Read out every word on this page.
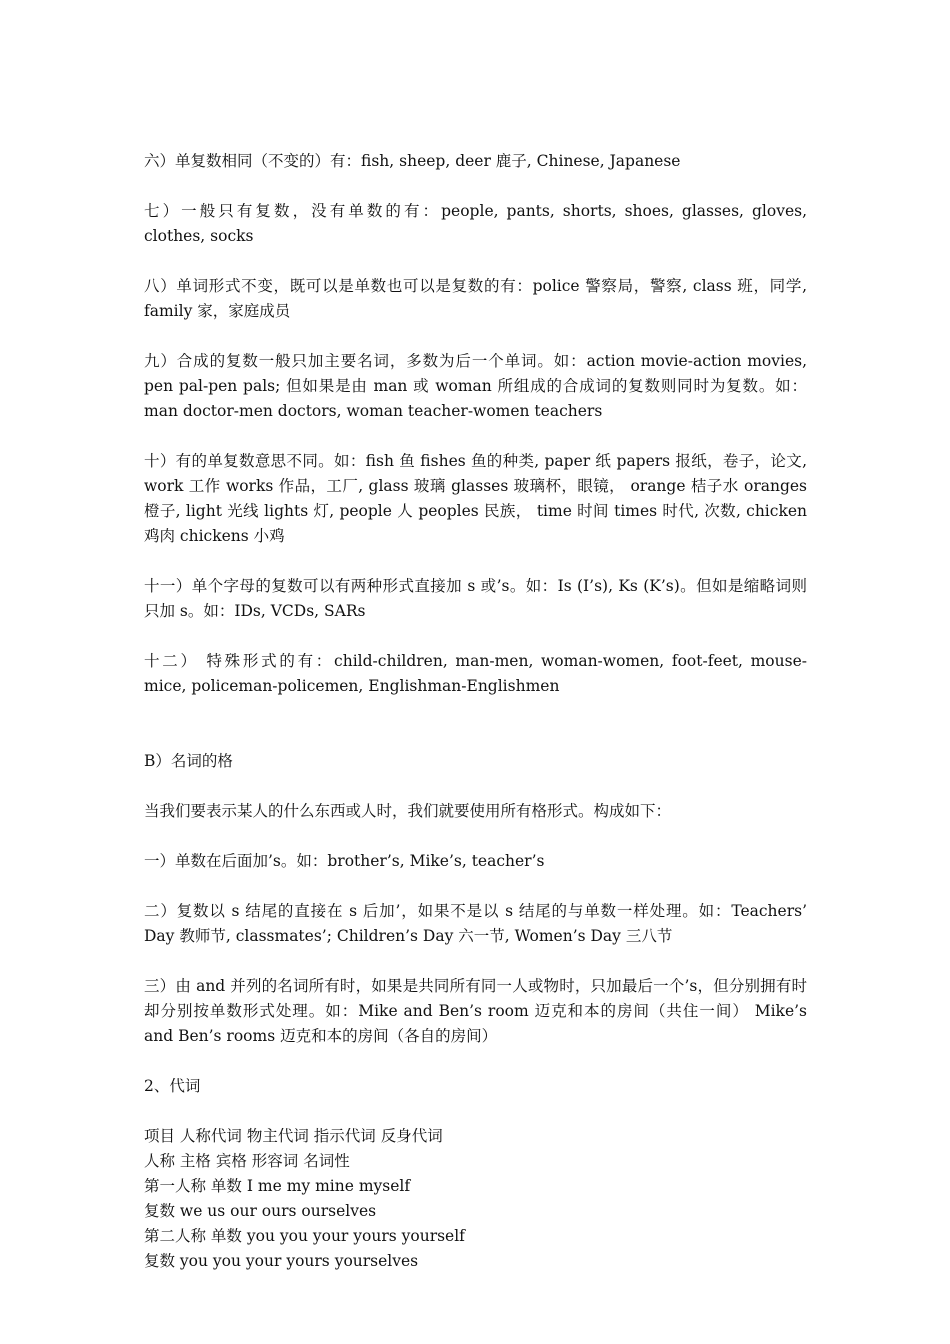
六）单复数相同（不变的）有：fish, sheep, deer 鹿子, Chinese, Japanese

七）一般只有复数，没有单数的有：people, pants, shorts, shoes, glasses, gloves, clothes, socks

八）单词形式不变，既可以是单数也可以是复数的有：police 警察局，警察, class 班，同学, family 家，家庭成员

九）合成的复数一般只加主要名词，多数为后一个单词。如：action movie-action movies, pen pal-pen pals; 但如果是由 man 或 woman 所组成的合成词的复数则同时为复数。如： man doctor-men doctors, woman teacher-women teachers

十）有的单复数意思不同。如：fish 鱼 fishes 鱼的种类, paper 纸 papers 报纸，卷子，论文, work 工作 works 作品，工厂, glass 玻璃 glasses 玻璃杯，眼镜， orange 桔子水 oranges 橙子, light 光线 lights 灯, people 人 peoples 民族， time 时间 times 时代, 次数, chicken 鸡肉 chickens 小鸡

十一）单个字母的复数可以有两种形式直接加 s 或’s。如：Is (I’s), Ks (K’s)。但如是缩略词则只加 s。如：IDs, VCDs, SARs

十二） 特殊形式的有：child-children, man-men, woman-women, foot-feet, mouse-mice, policeman-policemen, Englishman-Englishmen

B）名词的格

当我们要表示某人的什么东西或人时，我们就要使用所有格形式。构成如下：

一）单数在后面加’s。如：brother’s, Mike’s, teacher’s

二）复数以 s 结尾的直接在 s 后加’，如果不是以 s 结尾的与单数一样处理。如：Teachers’ Day 教师节, classmates’; Children’s Day 六一节, Women’s Day 三八节

三）由 and 并列的名词所有时，如果是共同所有同一人或物时，只加最后一个’s，但分别拥有时却分别按单数形式处理。如：Mike and Ben’s room 迈克和本的房间（共住一间） Mike’s and Ben’s rooms 迈克和本的房间（各自的房间）

2、代词

项目 人称代词 物主代词 指示代词 反身代词

人称 主格 宾格 形容词 名词性

第一人称 单数 I me my mine myself

复数 we us our ours ourselves

第二人称 单数 you you your yours yourself

复数 you you your yours yourselves
